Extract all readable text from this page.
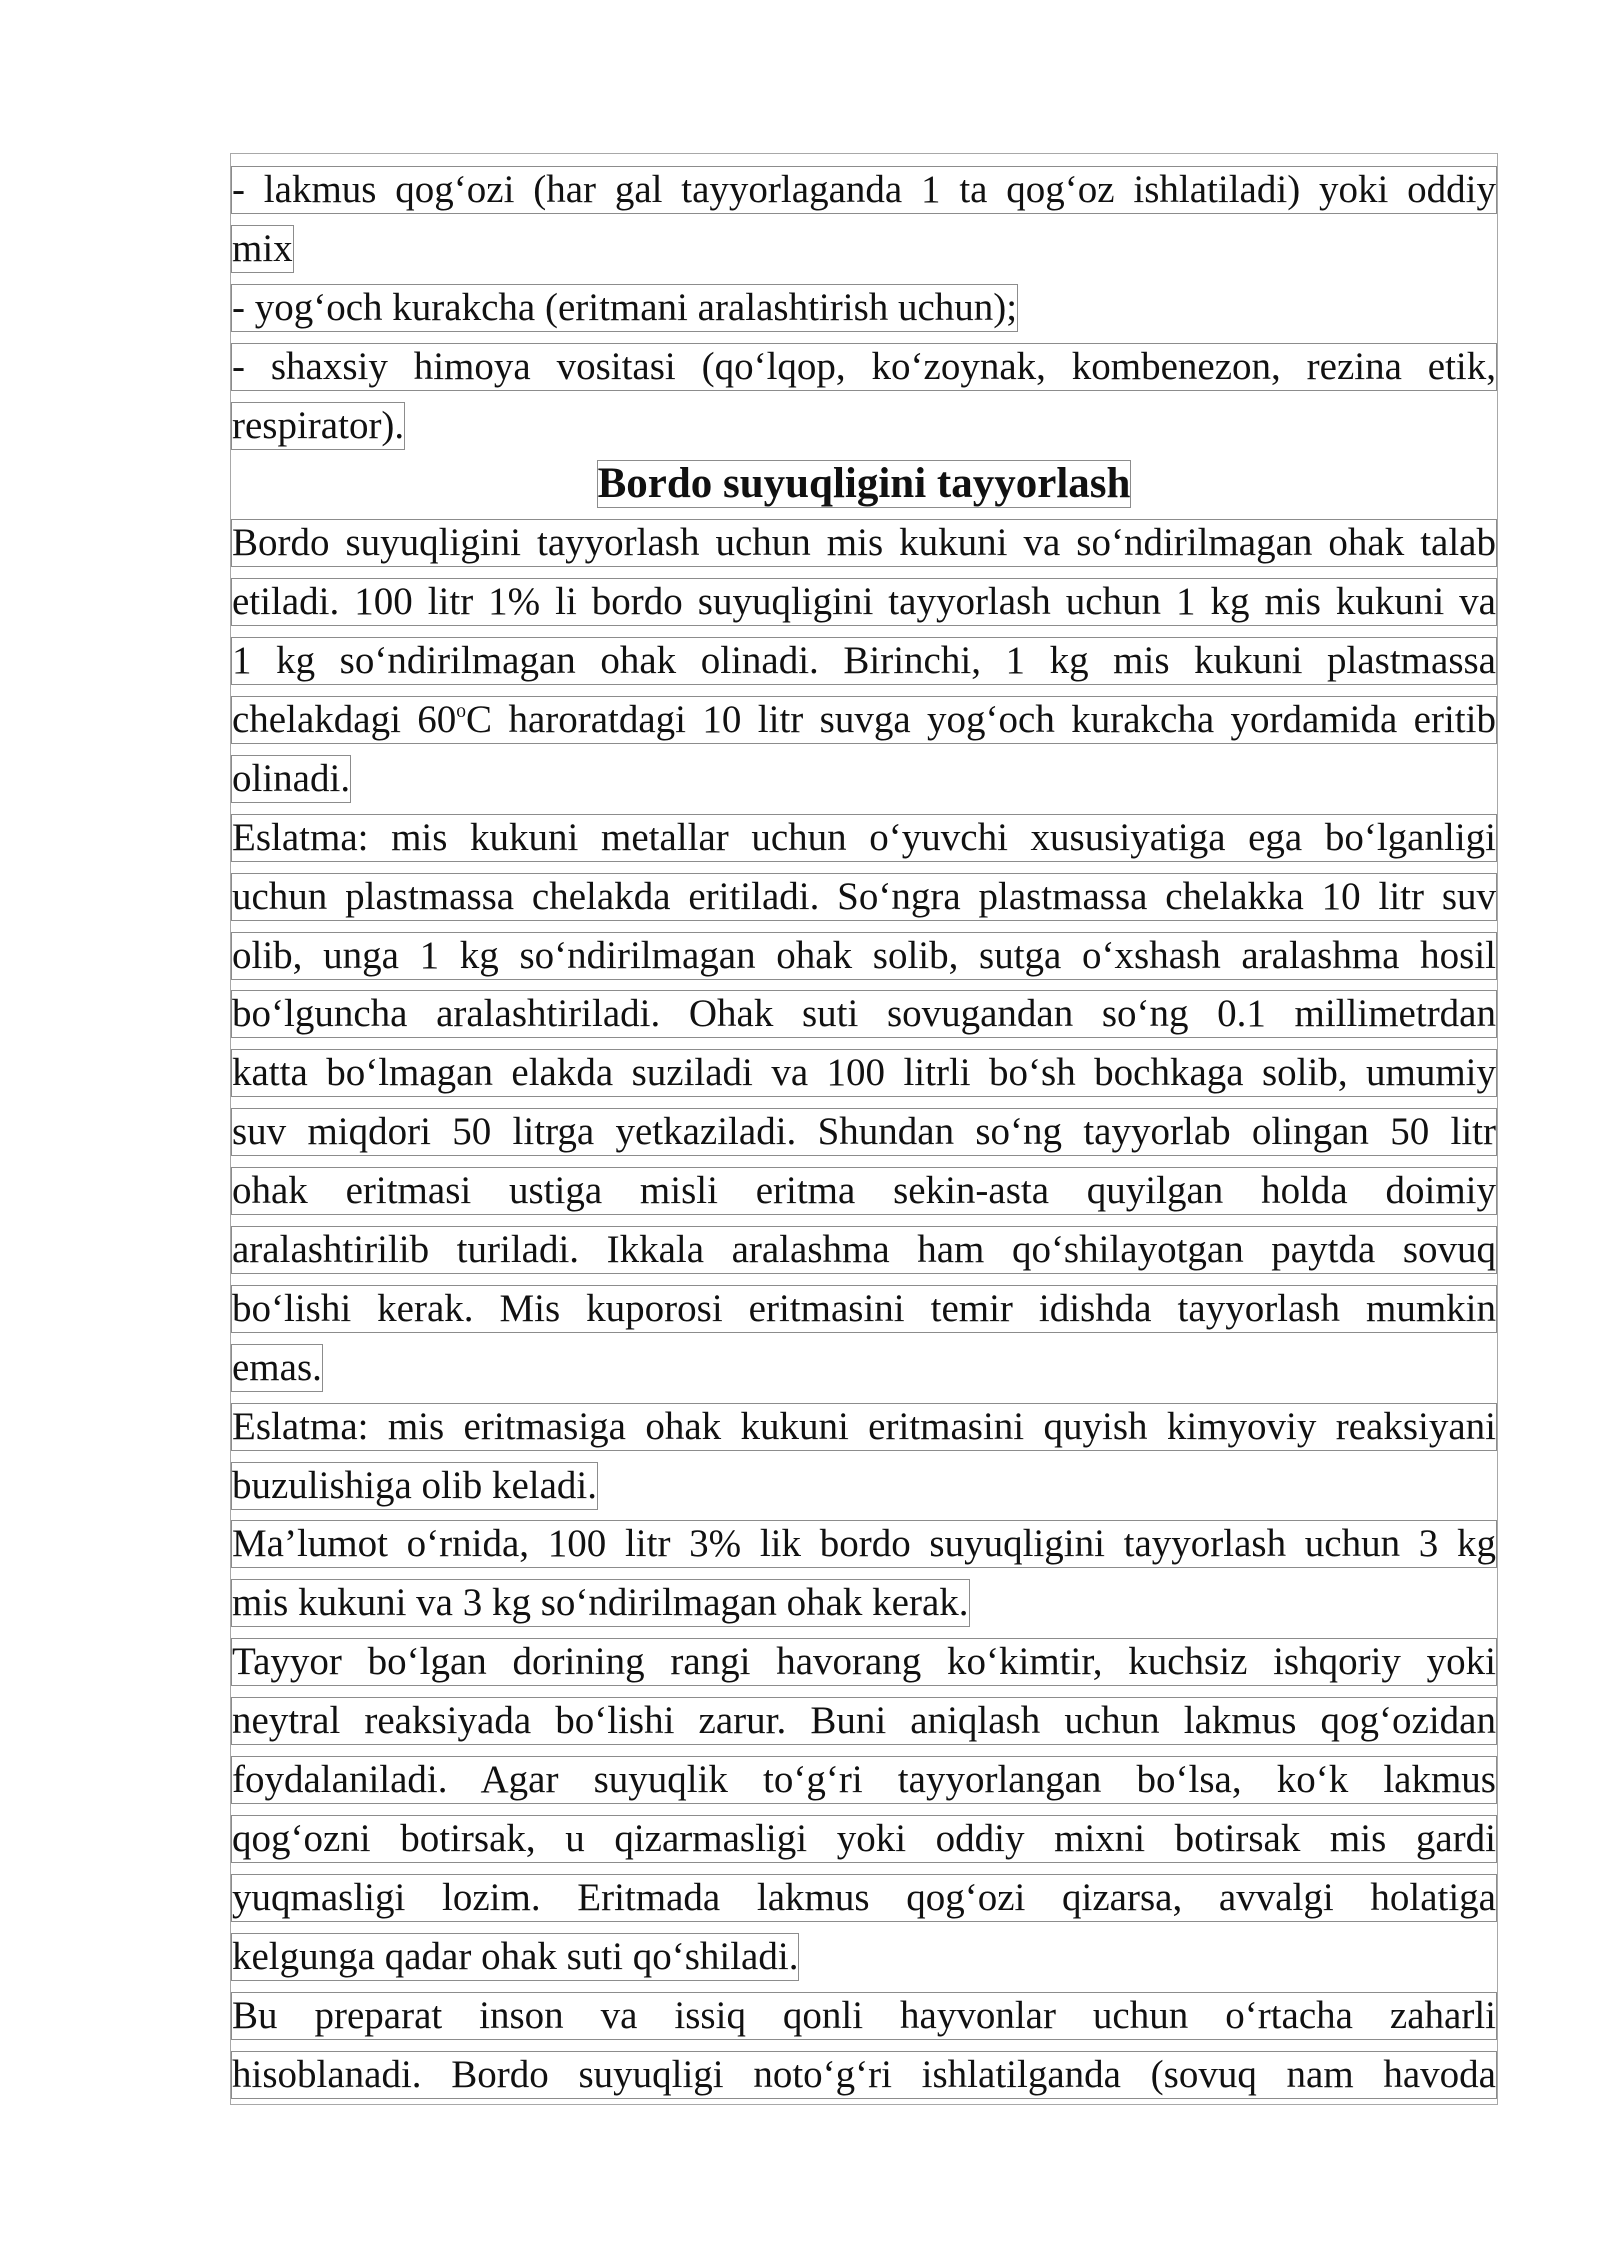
- lakmus qog‘ozi (har gal tayyorlaganda 1 ta qog‘oz ishlatiladi) yoki oddiy
mix
- yog‘och kurakcha (eritmani aralashtirish uchun);
- shaxsiy himoya vositasi (qo‘lqop, ko‘zoynak, kombenezon, rezina etik,
respirator).
Bordo suyuqligini tayyorlash
Bordo suyuqligini tayyorlash uchun mis kukuni va so‘ndirilmagan ohak talab
etiladi. 100 litr 1% li bordo suyuqligini tayyorlash uchun 1 kg mis kukuni va
1 kg so‘ndirilmagan ohak olinadi. Birinchi, 1 kg mis kukuni plastmassa
chelakdagi 60$^o$C haroratdagi 10 litr suvga yog‘och kurakcha yordamida eritib
olinadi.
Eslatma: mis kukuni metallar uchun o‘yuvchi xususiyatiga ega bo‘lganligi
uchun plastmassa chelakda eritiladi. So‘ngra plastmassa chelakka 10 litr suv
olib, unga 1 kg so‘ndirilmagan ohak solib, sutga o‘xshash aralashma hosil
bo‘lguncha aralashtiriladi. Ohak suti sovugandan so‘ng 0.1 millimetrdan
katta bo‘lmagan elakda suziladi va 100 litrli bo‘sh bochkaga solib, umumiy
suv miqdori 50 litrga yetkaziladi. Shundan so‘ng tayyorlab olingan 50 litr
ohak eritmasi ustiga misli eritma sekin-asta quyilgan holda doimiy
aralashtirilib turiladi. Ikkala aralashma ham qo‘shilayotgan paytda sovuq
bo‘lishi kerak. Mis kuporosi eritmasini temir idishda tayyorlash mumkin
emas.
Eslatma: mis eritmasiga ohak kukuni eritmasini quyish kimyoviy reaksiyani
buzulishiga olib keladi.
Ma’lumot o‘rnida, 100 litr 3% lik bordo suyuqligini tayyorlash uchun 3 kg
mis kukuni va 3 kg so‘ndirilmagan ohak kerak.
Tayyor bo‘lgan dorining rangi havorang ko‘kimtir, kuchsiz ishqoriy yoki
neytral reaksiyada bo‘lishi zarur. Buni aniqlash uchun lakmus qog‘ozidan
foydalaniladi. Agar suyuqlik to‘g‘ri tayyorlangan bo‘lsa, ko‘k lakmus
qog‘ozni botirsak, u qizarmasligi yoki oddiy mixni botirsak mis gardi
yuqmasligi lozim. Eritmada lakmus qog‘ozi qizarsa, avvalgi holatiga
kelgunga qadar ohak suti qo‘shiladi.
Bu preparat inson va issiq qonli hayvonlar uchun o‘rtacha zaharli
hisoblanadi. Bordo suyuqligi noto‘g‘ri ishlatilganda (sovuq nam havoda
